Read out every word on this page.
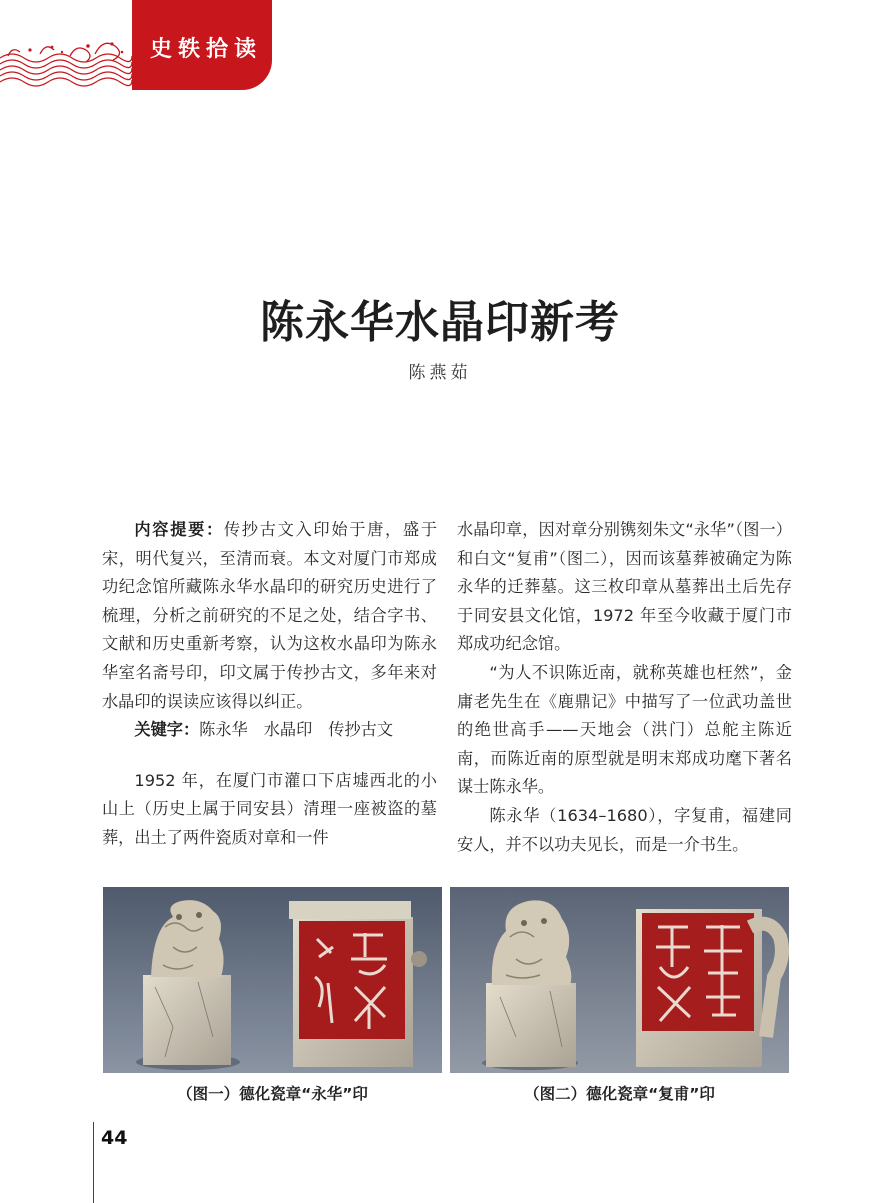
史轶拾读
陈永华水晶印新考
陈燕茹

内容提要：传抄古文入印始于唐，盛于宋，明代复兴，至清而衰。本文对厦门市郑成功纪念馆所藏陈永华水晶印的研究历史进行了梳理，分析之前研究的不足之处，结合字书、文献和历史重新考察，认为这枚水晶印为陈永华室名斋号印，印文属于传抄古文，多年来对水晶印的误读应该得以纠正。

关键字：陈永华 水晶印 传抄古文

1952 年，在厦门市灌口下店墟西北的小山上（历史上属于同安县）清理一座被盗的墓葬，出土了两件瓷质对章和一件

水晶印章，因对章分别镌刻朱文“永华”（图一）和白文“复甫”（图二），因而该墓葬被确定为陈永华的迁葬墓。这三枚印章从墓葬出土后先存于同安县文化馆，1972 年至今收藏于厦门市郑成功纪念馆。

“为人不识陈近南，就称英雄也枉然”，金庸老先生在《鹿鼎记》中描写了一位武功盖世的绝世高手——天地会（洪门）总舵主陈近南，而陈近南的原型就是明末郑成功麾下著名谋士陈永华。

陈永华（1634–1680），字复甫，福建同安人，并不以功夫见长，而是一介书生。

（图一）德化瓷章“永华”印	（图二）德化瓷章“复甫”印
44
